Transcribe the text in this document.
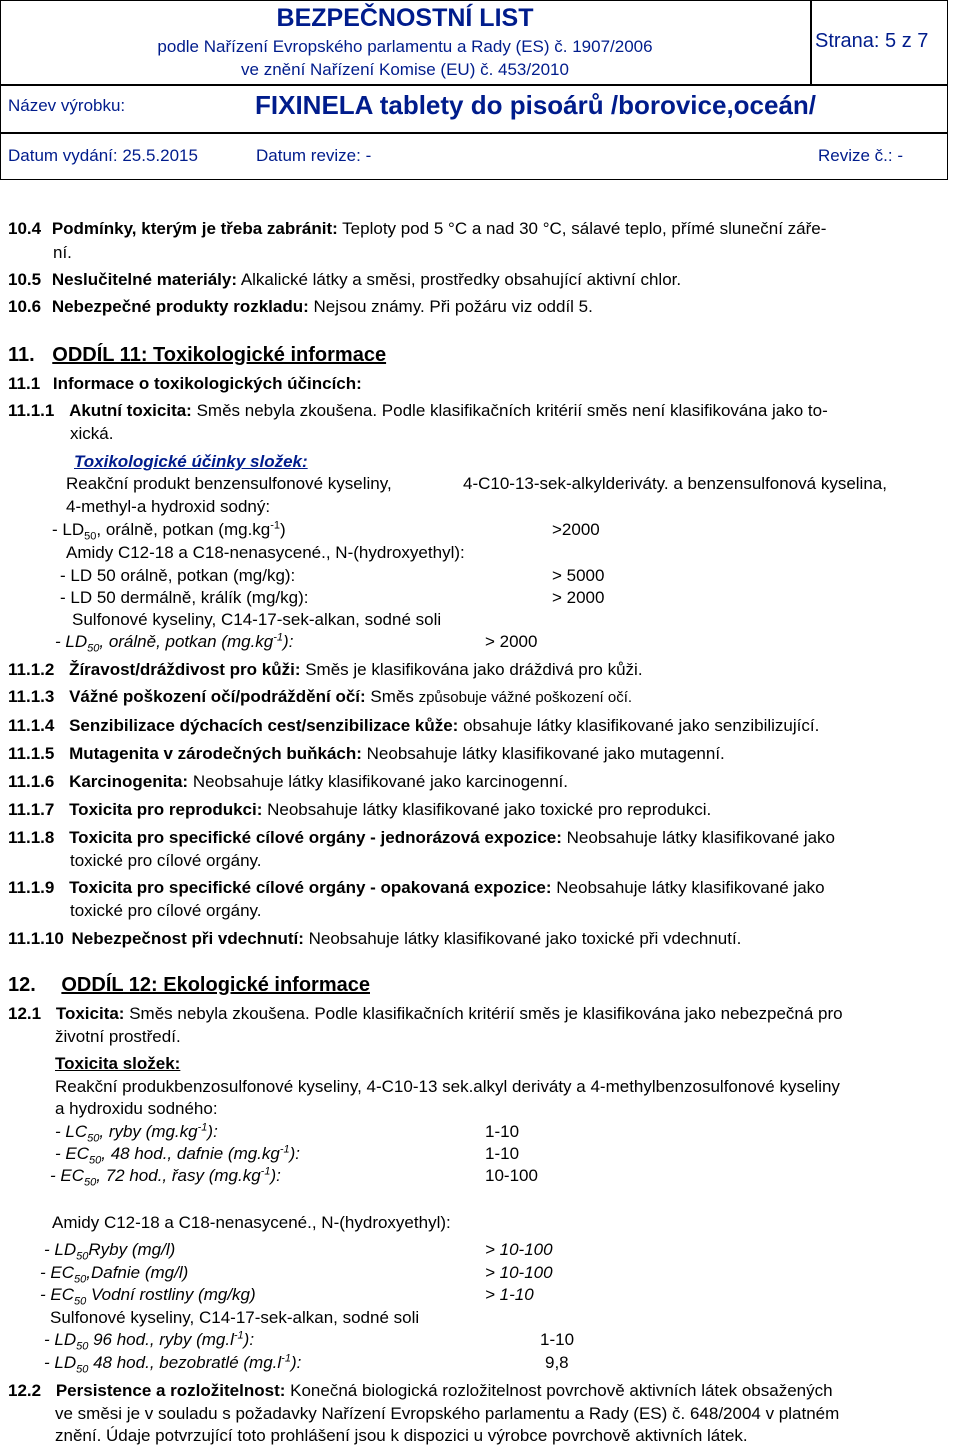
BEZPEČNOSTNÍ LIST
podle Nařízení Evropského parlamentu a Rady (ES) č. 1907/2006
ve znění Nařízení Komise (EU) č. 453/2010
Strana: 5 z 7
Název výrobku:	FIXINELA tablety do pisoárů /borovice,oceán/
Datum vydání: 25.5.2015	Datum revize: -	Revize č.: -
10.4 Podmínky, kterým je třeba zabránit: Teploty pod 5 °C a nad 30 °C, sálavé teplo, přímé sluneční záře-
ní.
10.5 Neslučitelné materiály: Alkalické látky a směsi, prostředky obsahující aktivní chlor.
10.6 Nebezpečné produkty rozkladu: Nejsou známy. Při požáru viz oddíl 5.
11. ODDÍL 11: Toxikologické informace
11.1 Informace o toxikologických účincích:
11.1.1 Akutní toxicita: Směs nebyla zkoušena. Podle klasifikačních kritérií směs není klasifikována jako to-
xická.
Toxikologické účinky složek:
Reakční produkt benzensulfonové kyseliny,	4-C10-13-sek-alkylderiváty. a benzensulfonová kyselina,
4-methyl-a hydroxid sodný:
- $LD_{50}$, orálně, potkan $(mg.kg^{-1})$	>2000
Amidy C12-18 a C18-nenasycené., N-(hydroxyethyl):
- LD 50 orálně, potkan (mg/kg):	> 5000
- LD 50 dermálně, králík (mg/kg):	> 2000
Sulfonové kyseliny, C14-17-sek-alkan, sodné soli
- $LD_{50}$, orálně, potkan $(mg.kg^{-1})$:	> 2000
11.1.2 Žíravost/dráždivost pro kůži: Směs je klasifikována jako dráždivá pro kůži.
11.1.3 Vážné poškození očí/podráždění očí: Směs způsobuje vážné poškození očí.
11.1.4 Senzibilizace dýchacích cest/senzibilizace kůže: obsahuje látky klasifikované jako senzibilizující.
11.1.5 Mutagenita v zárodečných buňkách: Neobsahuje látky klasifikované jako mutagenní.
11.1.6 Karcinogenita: Neobsahuje látky klasifikované jako karcinogenní.
11.1.7 Toxicita pro reprodukci: Neobsahuje látky klasifikované jako toxické pro reprodukci.
11.1.8 Toxicita pro specifické cílové orgány - jednorázová expozice: Neobsahuje látky klasifikované jako
toxické pro cílové orgány.
11.1.9 Toxicita pro specifické cílové orgány - opakovaná expozice: Neobsahuje látky klasifikované jako
toxické pro cílové orgány.
11.1.10 Nebezpečnost při vdechnutí: Neobsahuje látky klasifikované jako toxické při vdechnutí.
12. ODDÍL 12: Ekologické informace
12.1 Toxicita: Směs nebyla zkoušena. Podle klasifikačních kritérií směs je klasifikována jako nebezpečná pro
životní prostředí.
Toxicita složek:
Reakční produkbenzosulfonové kyseliny, 4-C10-13 sek.alkyl deriváty a 4-methylbenzosulfonové kyseliny
a hydroxidu sodného:
- $LC_{50}$, ryby $(mg.kg^{-1})$:	1-10
- $EC_{50}$, 48 hod., dafnie $(mg.kg^{-1})$:	1-10
- $EC_{50}$, 72 hod., řasy $(mg.kg^{-1})$:	10-100
Amidy C12-18 a C18-nenasycené., N-(hydroxyethyl):
- $LD_{50}Ryby$ (mg/l)	> 10-100
- $EC_{50},Dafnie$ (mg/l)	> 10-100
- $EC_{50}$ Vodní rostliny (mg/kg)	> 1-10
Sulfonové kyseliny, C14-17-sek-alkan, sodné soli
- $LD_{50}$ 96 hod., ryby $(mg.l^{-1})$:	1-10
- $LD_{50}$ 48 hod., bezobratlé $(mg.l^{-1})$:	9,8
12.2 Persistence a rozložitelnost: Konečná biologická rozložitelnost povrchově aktivních látek obsažených
ve směsi je v souladu s požadavky Nařízení Evropského parlamentu a Rady (ES) č. 648/2004 v platném
znění. Údaje potvrzující toto prohlášení jsou k dispozici u výrobce povrchově aktivních látek.
